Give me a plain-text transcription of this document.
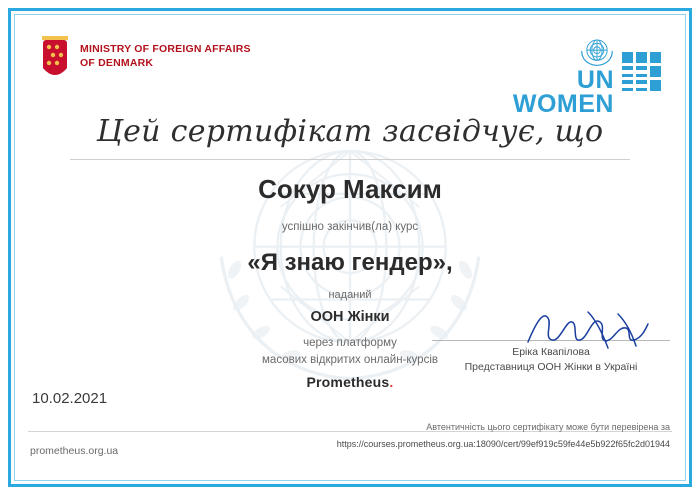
MINISTRY OF FOREIGN AFFAIRS
OF DENMARK
UN
WOMEN
Цей сертифікат засвідчує, що
Сокур Максим
успішно закінчив(ла) курс
«Я знаю гендер»,
наданий
ООН Жінки
через платформу
масових відкритих онлайн-курсів
Prometheus.
Еріка Квапілова
Представниця ООН Жінки в Україні
10.02.2021
prometheus.org.ua
Автентичність цього сертифікату може бути перевірена за
https://courses.prometheus.org.ua:18090/cert/99ef919c59fe44e5b922f65fc2d01944
